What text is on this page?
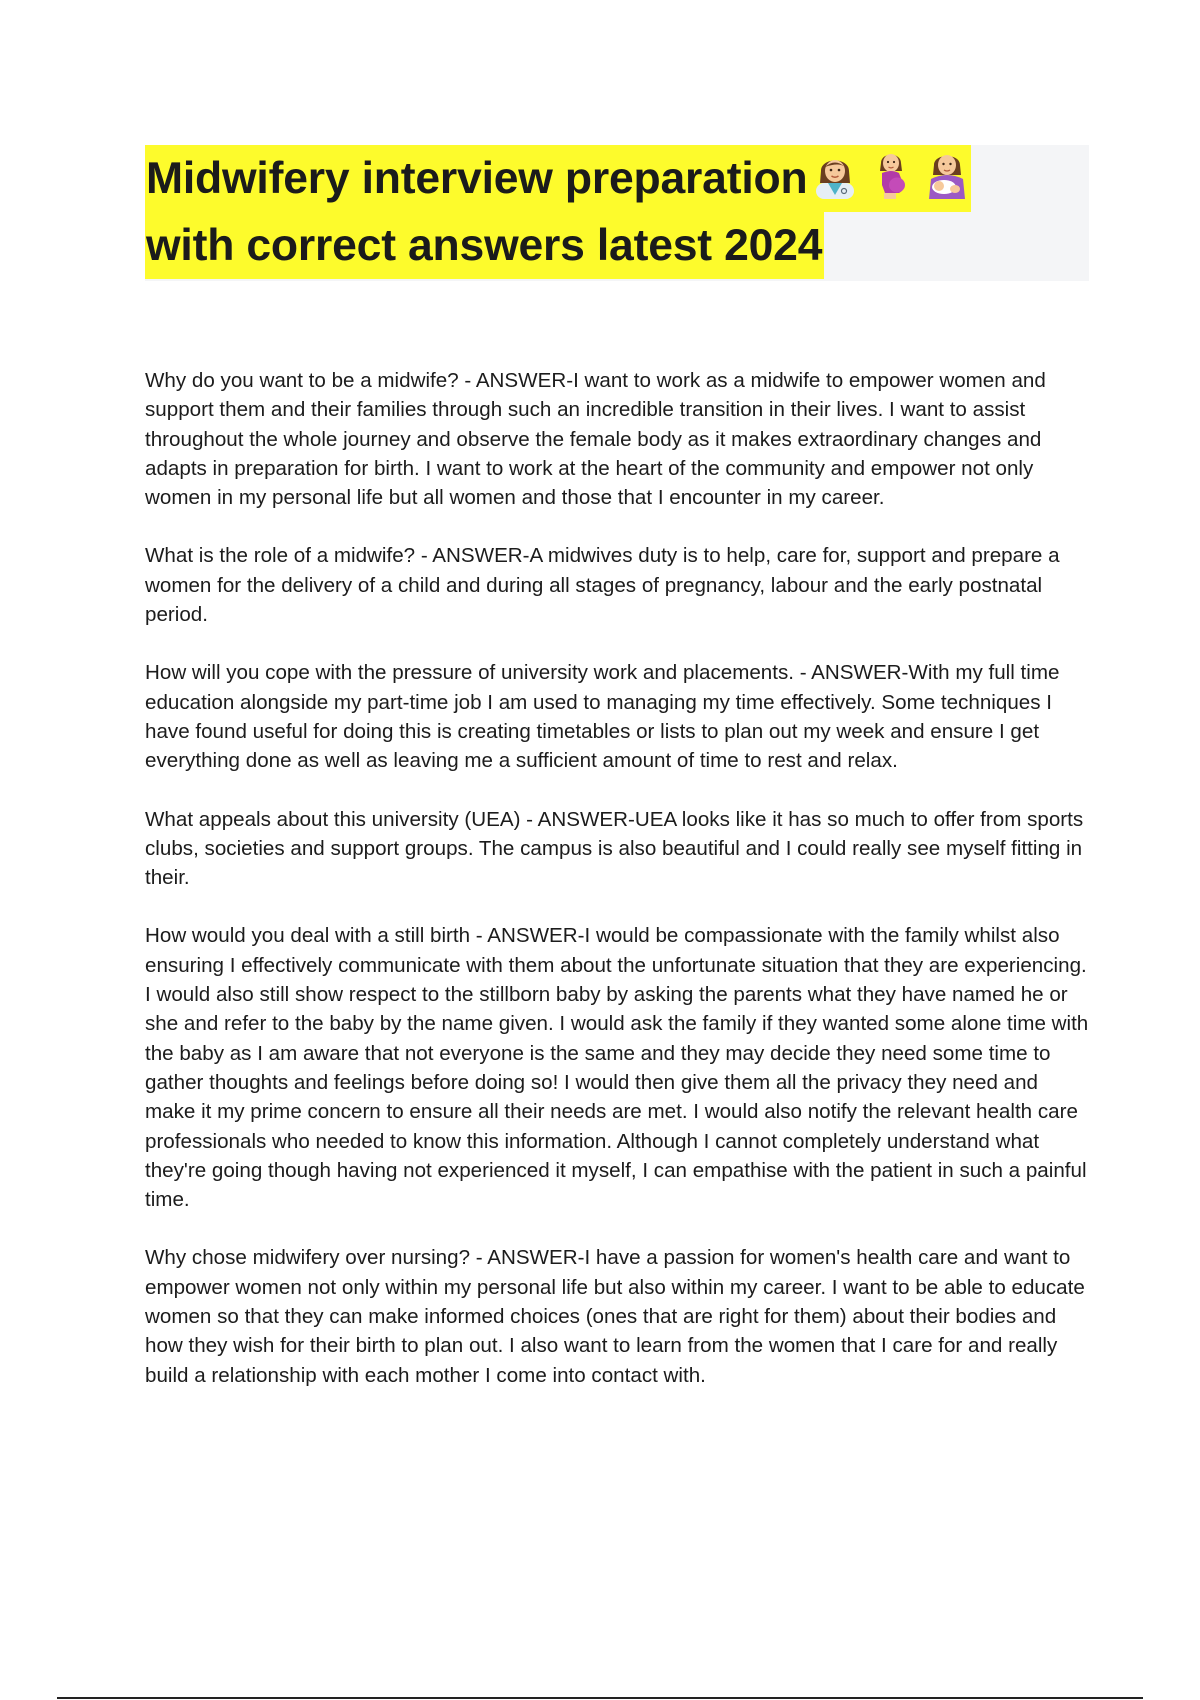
Midwifery interview preparation

with correct answers latest 2024

Why do you want to be a midwife? - ANSWER-I want to work as a midwife to empower women and support them and their families through such an incredible transition in their lives. I want to assist throughout the whole journey and observe the female body as it makes extraordinary changes and adapts in preparation for birth. I want to work at the heart of the community and empower not only women in my personal life but all women and those that I encounter in my career.

What is the role of a midwife? - ANSWER-A midwives duty is to help, care for, support and prepare a women for the delivery of a child and during all stages of pregnancy, labour and the early postnatal period.

How will you cope with the pressure of university work and placements. - ANSWER-With my full time education alongside my part-time job I am used to managing my time effectively. Some techniques I have found useful for doing this is creating timetables or lists to plan out my week and ensure I get everything done as well as leaving me a sufficient amount of time to rest and relax.

What appeals about this university (UEA) - ANSWER-UEA looks like it has so much to offer from sports clubs, societies and support groups. The campus is also beautiful and I could really see myself fitting in their.

How would you deal with a still birth - ANSWER-I would be compassionate with the family whilst also ensuring I effectively communicate with them about the unfortunate situation that they are experiencing. I would also still show respect to the stillborn baby by asking the parents what they have named he or she and refer to the baby by the name given. I would ask the family if they wanted some alone time with the baby as I am aware that not everyone is the same and they may decide they need some time to gather thoughts and feelings before doing so! I would then give them all the privacy they need and make it my prime concern to ensure all their needs are met. I would also notify the relevant health care professionals who needed to know this information. Although I cannot completely understand what they're going though having not experienced it myself, I can empathise with the patient in such a painful time.

Why chose midwifery over nursing? - ANSWER-I have a passion for women's health care and want to empower women not only within my personal life but also within my career. I want to be able to educate women so that they can make informed choices (ones that are right for them) about their bodies and how they wish for their birth to plan out. I also want to learn from the women that I care for and really build a relationship with each mother I come into contact with.
